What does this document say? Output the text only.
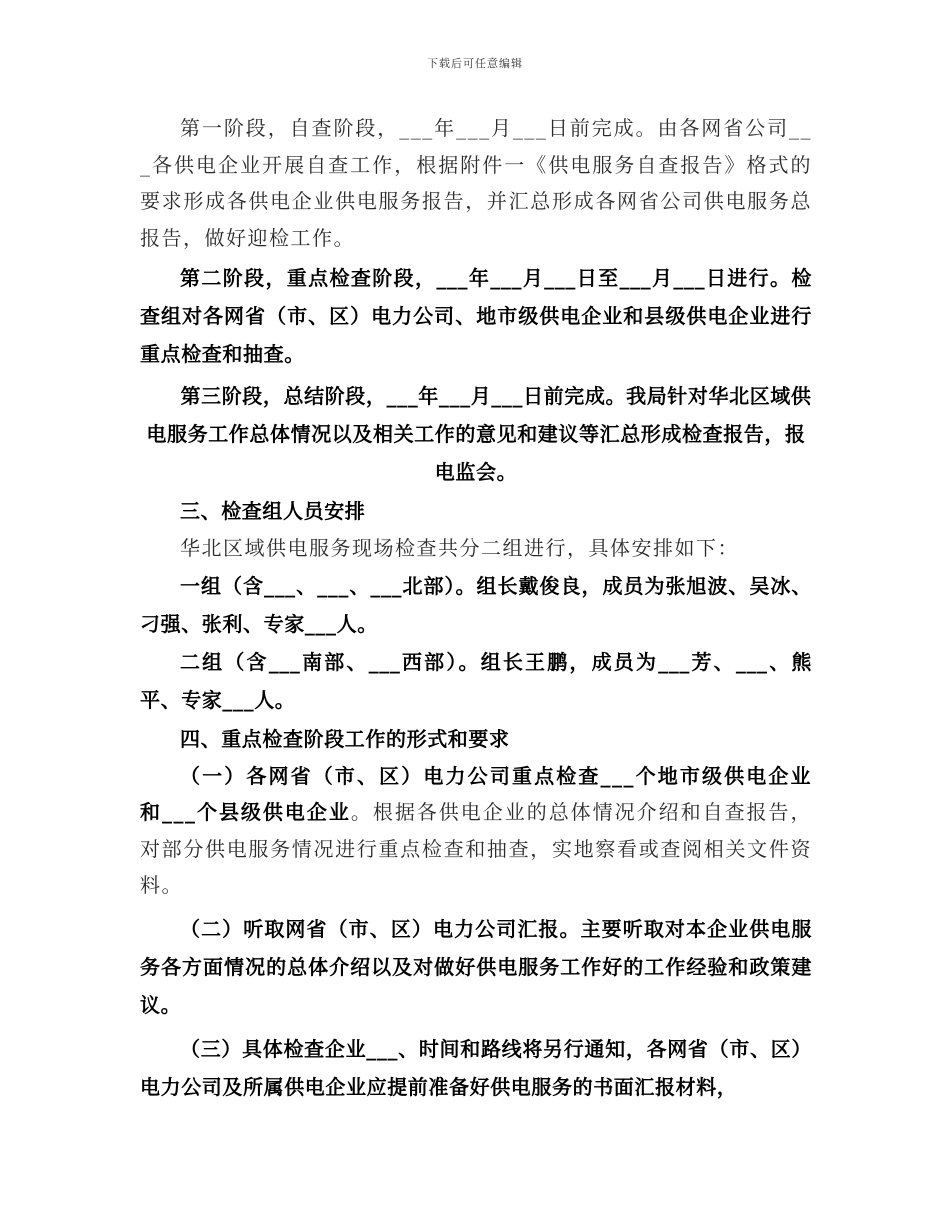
下载后可任意编辑

第一阶段，自查阶段，___年___月___日前完成。由各网省公司___各供电企业开展自查工作，根据附件一《供电服务自查报告》格式的要求形成各供电企业供电服务报告，并汇总形成各网省公司供电服务总报告，做好迎检工作。

第二阶段，重点检查阶段，___年___月___日至___月___日进行。检查组对各网省（市、区）电力公司、地市级供电企业和县级供电企业进行重点检查和抽查。

第三阶段，总结阶段，___年___月___日前完成。我局针对华北区域供电服务工作总体情况以及相关工作的意见和建议等汇总形成检查报告，报电监会。

三、检查组人员安排

华北区域供电服务现场检查共分二组进行，具体安排如下：

一组（含___、___、___北部）。组长戴俊良，成员为张旭波、吴冰、刁强、张利、专家___人。

二组（含___南部、___西部）。组长王鹏，成员为___芳、___、熊平、专家___人。

四、重点检查阶段工作的形式和要求

（一）各网省（市、区）电力公司重点检查___个地市级供电企业和___个县级供电企业。根据各供电企业的总体情况介绍和自查报告，对部分供电服务情况进行重点检查和抽查，实地察看或查阅相关文件资料。

（二）听取网省（市、区）电力公司汇报。主要听取对本企业供电服务各方面情况的总体介绍以及对做好供电服务工作好的工作经验和政策建议。

（三）具体检查企业___、时间和路线将另行通知，各网省（市、区）电力公司及所属供电企业应提前准备好供电服务的书面汇报材料，
